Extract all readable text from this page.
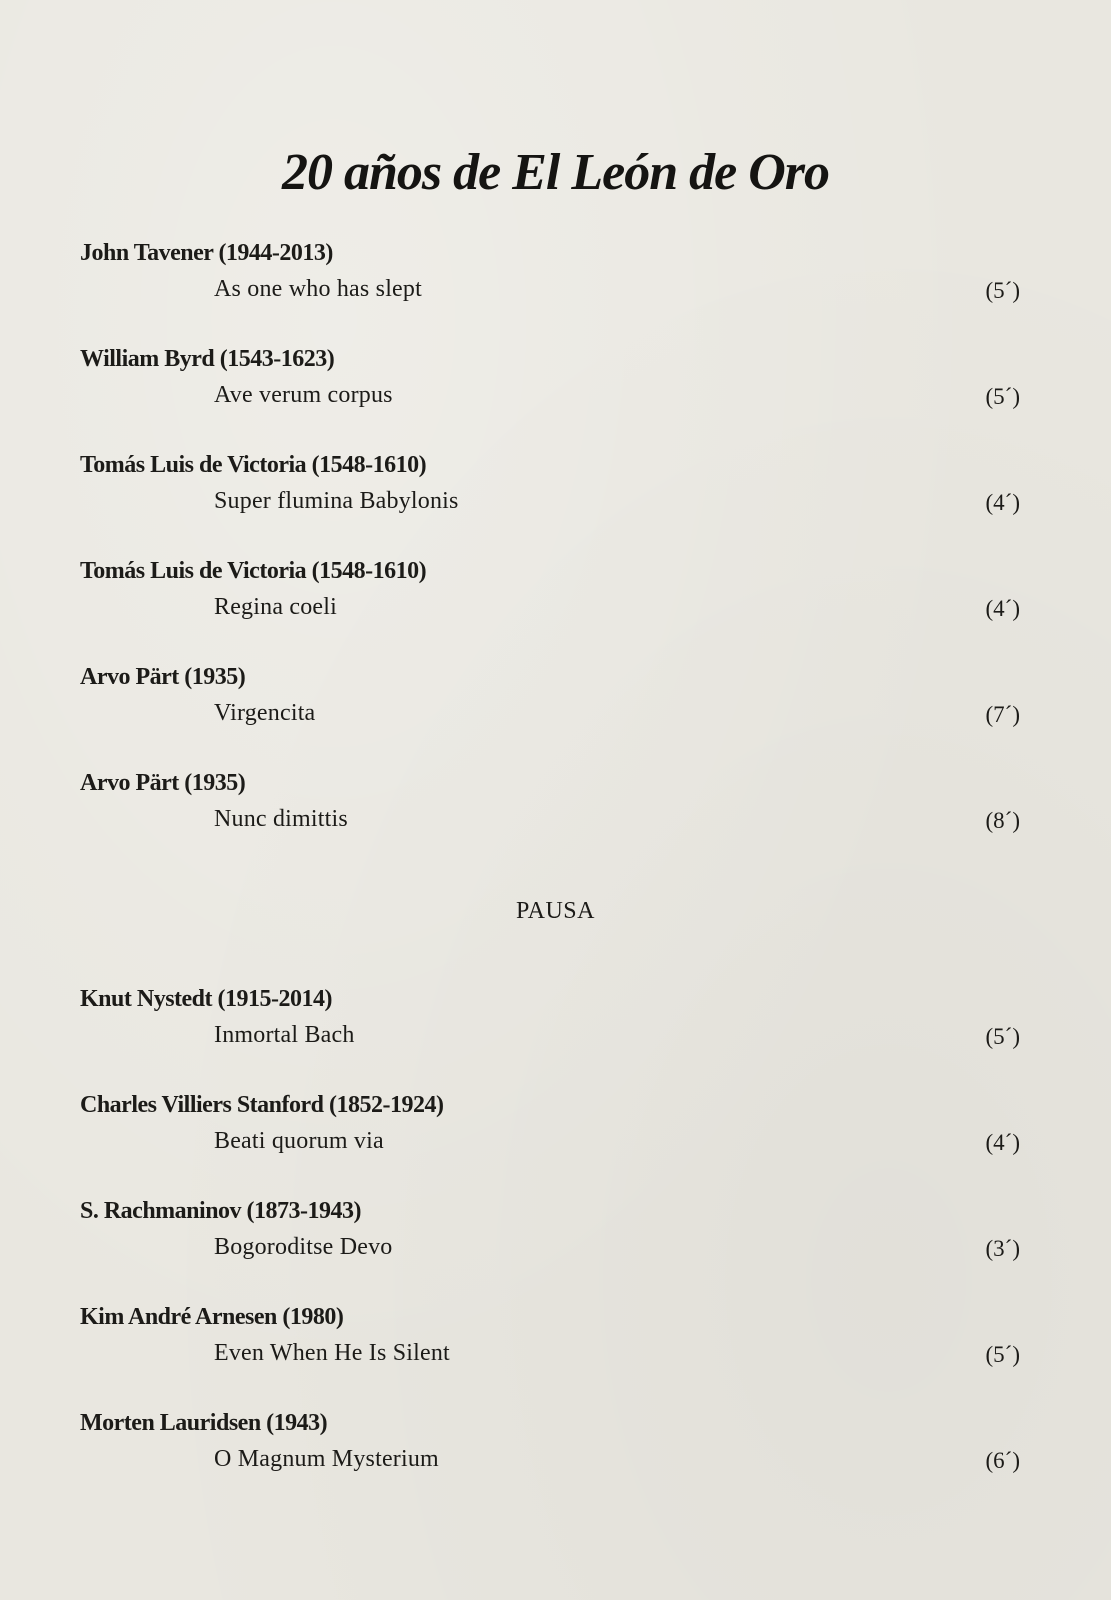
20 años de El León de Oro
John Tavener (1944-2013)
As one who has slept	(5´)
William Byrd (1543-1623)
Ave verum corpus	(5´)
Tomás Luis de Victoria (1548-1610)
Super flumina Babylonis	(4´)
Tomás Luis de Victoria (1548-1610)
Regina coeli	(4´)
Arvo Pärt (1935)
Virgencita	(7´)
Arvo Pärt (1935)
Nunc dimittis	(8´)
Knut Nystedt (1915-2014)
Inmortal Bach	(5´)
Charles Villiers Stanford (1852-1924)
Beati quorum via	(4´)
S. Rachmaninov (1873-1943)
Bogoroditse Devo	(3´)
Kim André Arnesen (1980)
Even When He Is Silent	(5´)
Morten Lauridsen (1943)
O Magnum Mysterium	(6´)
PAUSA
